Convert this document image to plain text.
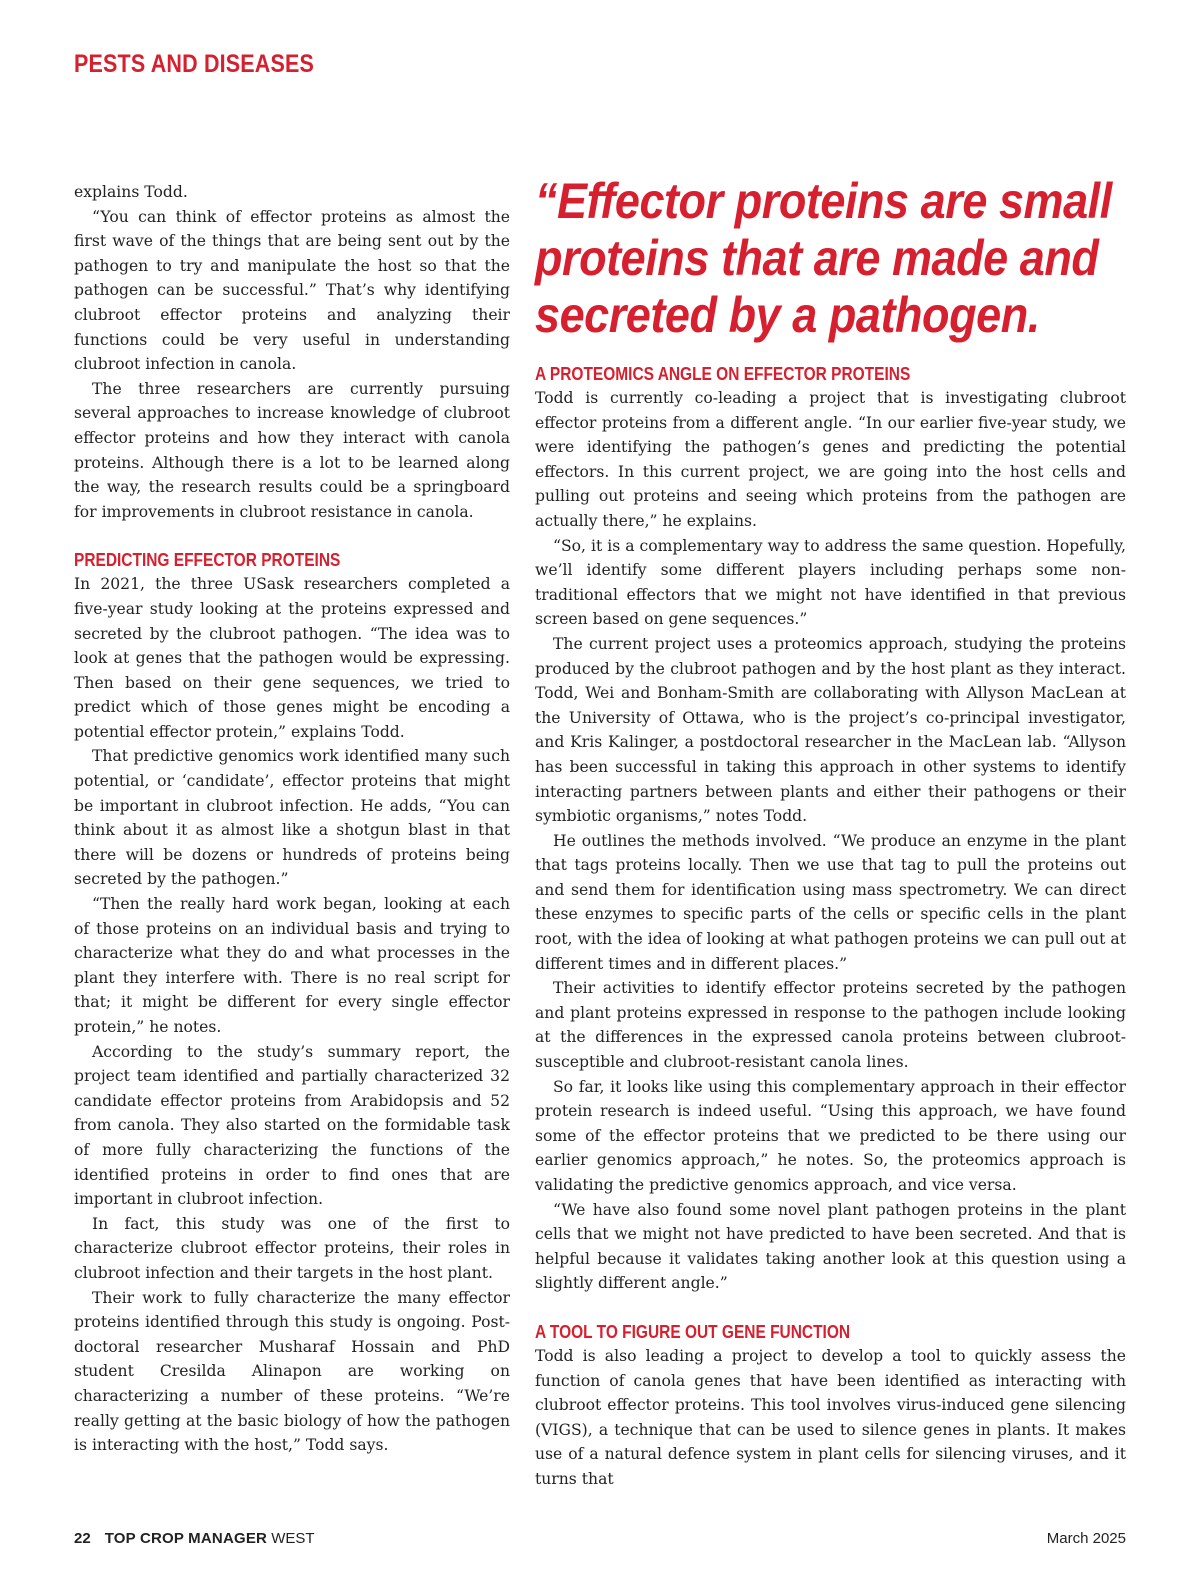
PESTS AND DISEASES

explains Todd.

“You can think of effector proteins as almost the first wave of the things that are being sent out by the pathogen to try and manipulate the host so that the pathogen can be successful.” That’s why identifying clubroot effector proteins and analyzing their functions could be very useful in understanding clubroot infection in canola.

The three researchers are currently pursuing several approaches to increase knowledge of clubroot effector proteins and how they interact with canola proteins. Although there is a lot to be learned along the way, the research results could be a springboard for improvements in clubroot resistance in canola.

PREDICTING EFFECTOR PROTEINS

In 2021, the three USask researchers completed a five-year study looking at the proteins expressed and secreted by the clubroot pathogen. “The idea was to look at genes that the pathogen would be expressing. Then based on their gene sequences, we tried to predict which of those genes might be encoding a potential effector protein,” explains Todd.

That predictive genomics work identified many such potential, or ‘candidate’, effector proteins that might be important in clubroot infection. He adds, “You can think about it as almost like a shotgun blast in that there will be dozens or hundreds of proteins being secreted by the pathogen.”

“Then the really hard work began, looking at each of those proteins on an individual basis and trying to characterize what they do and what processes in the plant they interfere with. There is no real script for that; it might be different for every single effector protein,” he notes.

According to the study’s summary report, the project team identified and partially characterized 32 candidate effector proteins from Arabidopsis and 52 from canola. They also started on the formidable task of more fully characterizing the functions of the identified proteins in order to find ones that are important in clubroot infection.

In fact, this study was one of the first to characterize clubroot effector proteins, their roles in clubroot infection and their targets in the host plant.

Their work to fully characterize the many effector proteins identified through this study is ongoing. Post-doctoral researcher Musharaf Hossain and PhD student Cresilda Alinapon are working on characterizing a number of these proteins. “We’re really getting at the basic biology of how the pathogen is interacting with the host,” Todd says.

“Effector proteins are small proteins that are made and secreted by a pathogen.
A PROTEOMICS ANGLE ON EFFECTOR PROTEINS

Todd is currently co-leading a project that is investigating clubroot effector proteins from a different angle. “In our earlier five-year study, we were identifying the pathogen’s genes and predicting the potential effectors. In this current project, we are going into the host cells and pulling out proteins and seeing which proteins from the pathogen are actually there,” he explains.

“So, it is a complementary way to address the same question. Hopefully, we’ll identify some different players including perhaps some non-traditional effectors that we might not have identified in that previous screen based on gene sequences.”

The current project uses a proteomics approach, studying the proteins produced by the clubroot pathogen and by the host plant as they interact. Todd, Wei and Bonham-Smith are collaborating with Allyson MacLean at the University of Ottawa, who is the project’s co-principal investigator, and Kris Kalinger, a postdoctoral researcher in the MacLean lab. “Allyson has been successful in taking this approach in other systems to identify interacting partners between plants and either their pathogens or their symbiotic organisms,” notes Todd.

He outlines the methods involved. “We produce an enzyme in the plant that tags proteins locally. Then we use that tag to pull the proteins out and send them for identification using mass spectrometry. We can direct these enzymes to specific parts of the cells or specific cells in the plant root, with the idea of looking at what pathogen proteins we can pull out at different times and in different places.”

Their activities to identify effector proteins secreted by the pathogen and plant proteins expressed in response to the pathogen include looking at the differences in the expressed canola proteins between clubroot-susceptible and clubroot-resistant canola lines.

So far, it looks like using this complementary approach in their effector protein research is indeed useful. “Using this approach, we have found some of the effector proteins that we predicted to be there using our earlier genomics approach,” he notes. So, the proteomics approach is validating the predictive genomics approach, and vice versa.

“We have also found some novel plant pathogen proteins in the plant cells that we might not have predicted to have been secreted. And that is helpful because it validates taking another look at this question using a slightly different angle.”

A TOOL TO FIGURE OUT GENE FUNCTION

Todd is also leading a project to develop a tool to quickly assess the function of canola genes that have been identified as interacting with clubroot effector proteins. This tool involves virus-induced gene silencing (VIGS), a technique that can be used to silence genes in plants. It makes use of a natural defence system in plant cells for silencing viruses, and it turns that

22 TOP CROP MANAGER WEST	March 2025
